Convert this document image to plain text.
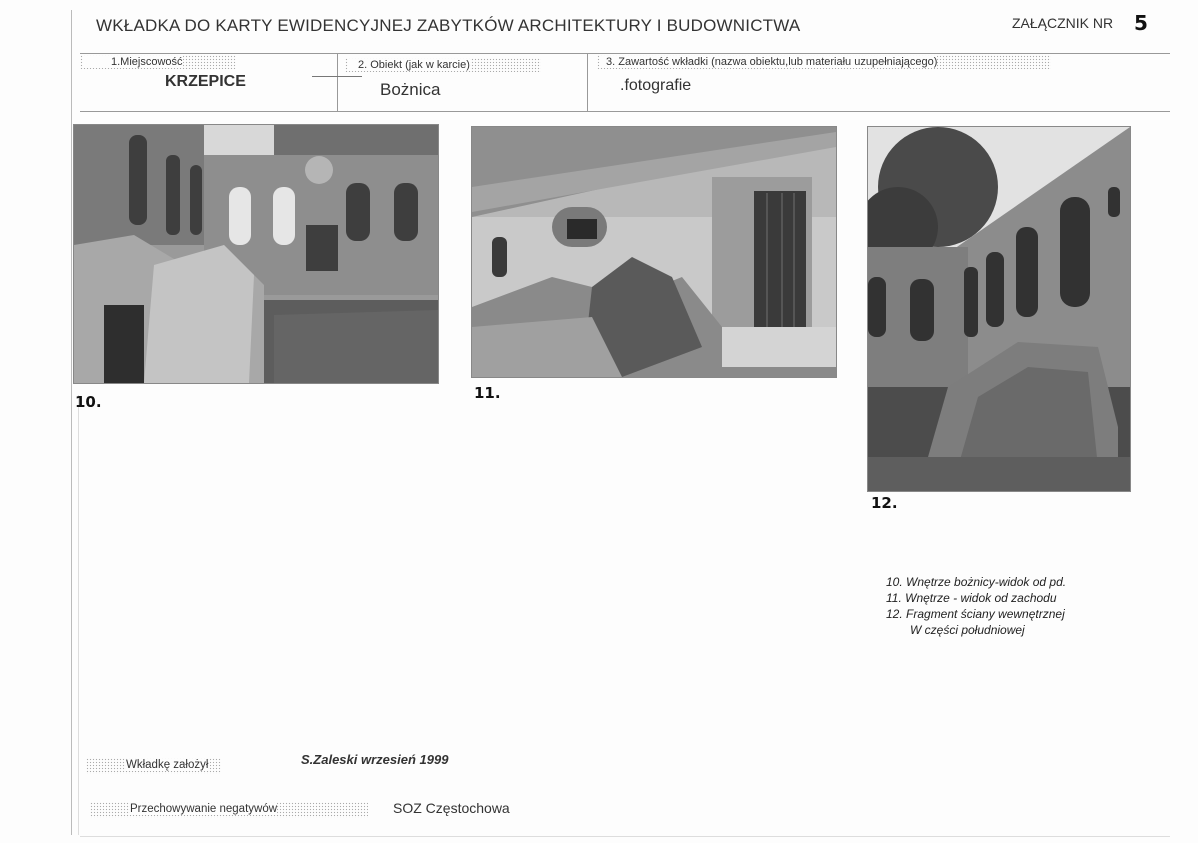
WKŁADKA DO KARTY EWIDENCYJNEJ ZABYTKÓW ARCHITEKTURY I BUDOWNICTWA	ZAŁĄCZNIK NR 5
1.Miejscowość
KRZEPICE
2. Obiekt (jak w karcie)
Bożnica
3. Zawartość wkładki (nazwa obiektu,lub materiału uzupełniającego)
.fotografie
10.	11.
12.
10. Wnętrze bożnicy-widok od pd.
11. Wnętrze - widok od zachodu
12. Fragment ściany wewnętrznej
W części południowej
Wkładkę założył	S.Zaleski wrzesień 1999
Przechowywanie negatywów	SOZ Częstochowa
